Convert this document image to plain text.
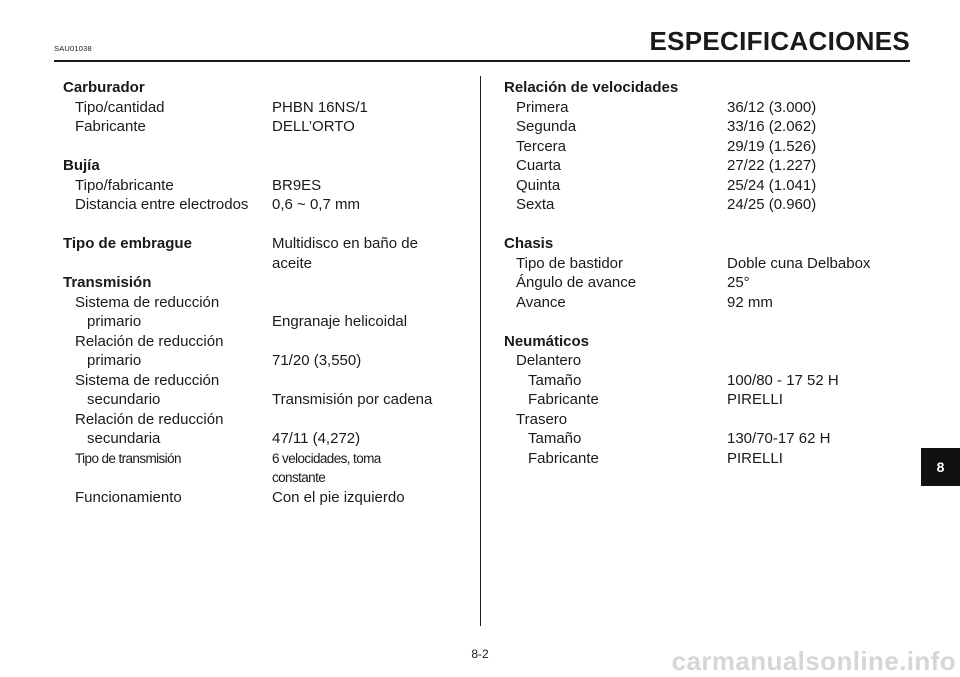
SAU01038	ESPECIFICACIONES
Carburador
Tipo/cantidad	PHBN 16NS/1
Fabricante	DELL’ORTO
Bujía
Tipo/fabricante	BR9ES
Distancia entre electrodos	0,6 ~ 0,7 mm
Tipo de embrague	Multidisco en baño de
aceite
Transmisión
Sistema de reducción
primario	Engranaje helicoidal
Relación de reducción
primario	71/20 (3,550)
Sistema de reducción
secundario	Transmisión por cadena
Relación de reducción
secundaria	47/11 (4,272)
Tipo de transmisión	6 velocidades, toma
constante
Funcionamiento	Con el pie izquierdo
Relación de velocidades
Primera	36/12 (3.000)
Segunda	33/16 (2.062)
Tercera	29/19 (1.526)
Cuarta	27/22 (1.227)
Quinta	25/24 (1.041)
Sexta	24/25 (0.960)
Chasis
Tipo de bastidor	Doble cuna Delbabox
Ángulo de avance	25°
Avance	92 mm
Neumáticos
Delantero
Tamaño	100/80 - 17 52 H
Fabricante	PIRELLI
Trasero
Tamaño	130/70-17 62 H
Fabricante	PIRELLI
8
8-2	carmanualsonline.info
